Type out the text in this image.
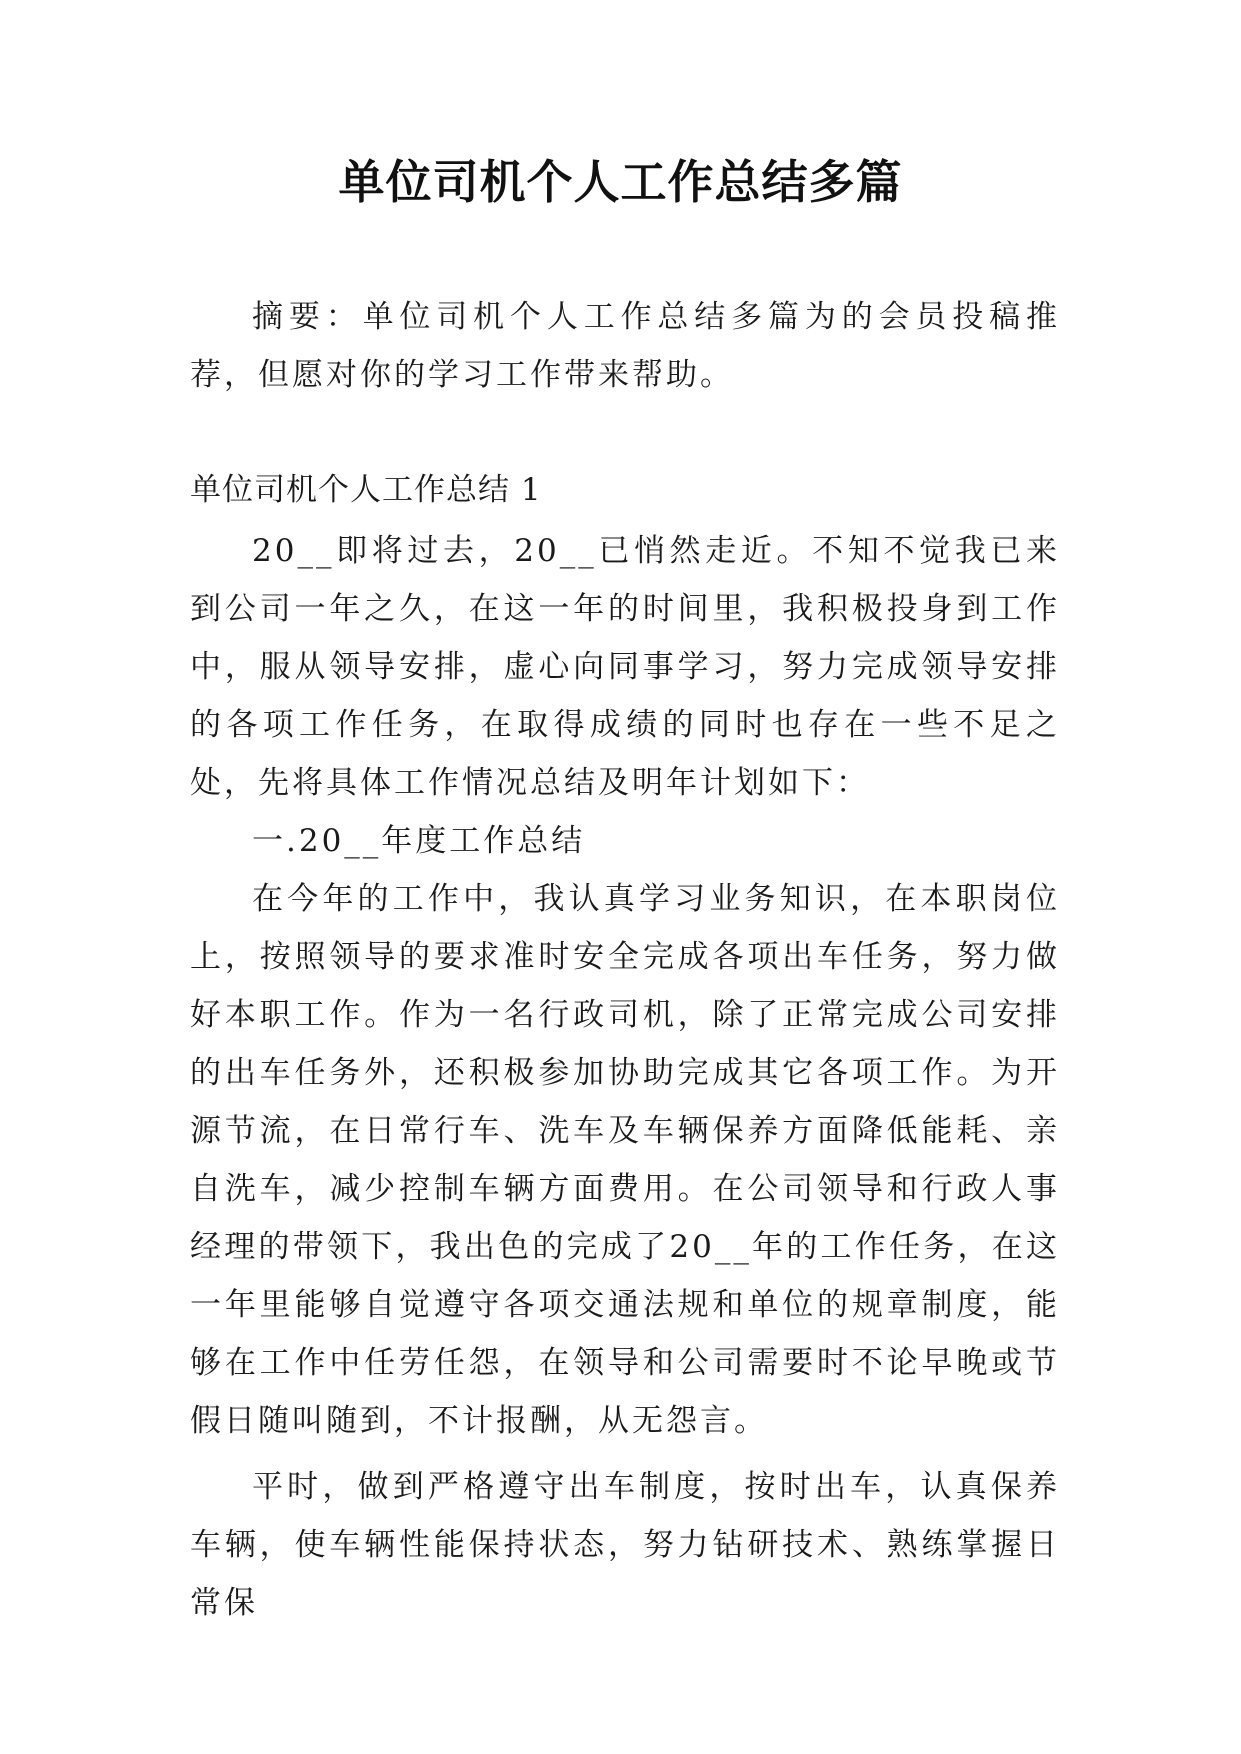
单位司机个人工作总结多篇

摘要：单位司机个人工作总结多篇为的会员投稿推荐，但愿对你的学习工作带来帮助。

单位司机个人工作总结 1

20__即将过去，20__已悄然走近。不知不觉我已来到公司一年之久，在这一年的时间里，我积极投身到工作中，服从领导安排，虚心向同事学习，努力完成领导安排的各项工作任务，在取得成绩的同时也存在一些不足之处，先将具体工作情况总结及明年计划如下：

一.20__年度工作总结

在今年的工作中，我认真学习业务知识，在本职岗位上，按照领导的要求准时安全完成各项出车任务，努力做好本职工作。作为一名行政司机，除了正常完成公司安排的出车任务外，还积极参加协助完成其它各项工作。为开源节流，在日常行车、洗车及车辆保养方面降低能耗、亲自洗车，减少控制车辆方面费用。在公司领导和行政人事经理的带领下，我出色的完成了20__年的工作任务，在这一年里能够自觉遵守各项交通法规和单位的规章制度，能够在工作中任劳任怨，在领导和公司需要时不论早晚或节假日随叫随到，不计报酬，从无怨言。

平时，做到严格遵守出车制度，按时出车，认真保养车辆，使车辆性能保持状态，努力钻研技术、熟练掌握日常保
